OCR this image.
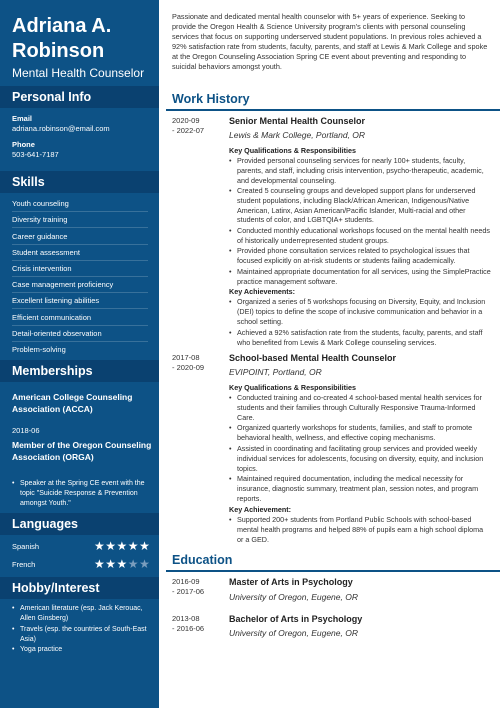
Adriana A. Robinson
Mental Health Counselor
Personal Info
Email
adriana.robinson@email.com
Phone
503-641-7187
Skills
Youth counseling
Diversity training
Career guidance
Student assessment
Crisis intervention
Case management proficiency
Excellent listening abilities
Efficient communication
Detail-oriented observation
Problem-solving
Memberships
American College Counseling Association (ACCA)
2018-06
Member of the Oregon Counseling Association (ORGA)
• Speaker at the Spring CE event with the topic "Suicide Response & Prevention amongst Youth."
Languages
Spanish	★★★★★
French	★★★★★
Hobby/Interest
• American literature (esp. Jack Kerouac, Allen Ginsberg)
• Travels (esp. the countries of South-East Asia)
• Yoga practice
Passionate and dedicated mental health counselor with 5+ years of experience. Seeking to provide the Oregon Health & Science University program's clients with personal counseling services that focus on supporting underserved student populations. In previous roles achieved a 92% satisfaction rate from students, faculty, parents, and staff at Lewis & Mark College and spoke at the Oregon Counseling Association Spring CE event about preventing and responding to suicidal behaviors amongst youth.
Work History
2020-09
- 2022-07
Senior Mental Health Counselor
Lewis & Mark College, Portland, OR
Key Qualifications & Responsibilities
• Provided personal counseling services for nearly 100+ students, faculty, parents, and staff, including crisis intervention, psycho-therapeutic, academic, and developmental counseling.
• Created 5 counseling groups and developed support plans for underserved student populations, including Black/African American, Indigenous/Native American, Latinx, Asian American/Pacific Islander, Multi-racial and other students of color, and LGBTQIA+ students.
• Conducted monthly educational workshops focused on the mental health needs of historically underrepresented student groups.
• Provided phone consultation services related to psychological issues that focused explicitly on at-risk students or students failing academically.
• Maintained appropriate documentation for all services, using the SimplePractice practice management software.
Key Achievements:
• Organized a series of 5 workshops focusing on Diversity, Equity, and Inclusion (DEI) topics to define the scope of inclusive communication and behavior in a school setting.
• Achieved a 92% satisfaction rate from the students, faculty, parents, and staff who benefited from Lewis & Mark College counseling services.
2017-08
- 2020-09
School-based Mental Health Counselor
EVIPOINT, Portland, OR
Key Qualifications & Responsibilities
• Conducted training and co-created 4 school-based mental health services for students and their families through Culturally Responsive Trauma-Informed Care.
• Organized quarterly workshops for students, families, and staff to promote behavioral health, wellness, and effective coping mechanisms.
• Assisted in coordinating and facilitating group services and provided weekly individual services for adolescents, focusing on diversity, equity, and inclusion topics.
• Maintained required documentation, including the medical necessity for insurance, diagnostic summary, treatment plan, session notes, and program reports.
Key Achievement:
• Supported 200+ students from Portland Public Schools with school-based mental health programs and helped 88% of pupils earn a high school diploma or a GED.
Education
2016-09
- 2017-06
Master of Arts in Psychology
University of Oregon, Eugene, OR
2013-08
- 2016-06
Bachelor of Arts in Psychology
University of Oregon, Eugene, OR
